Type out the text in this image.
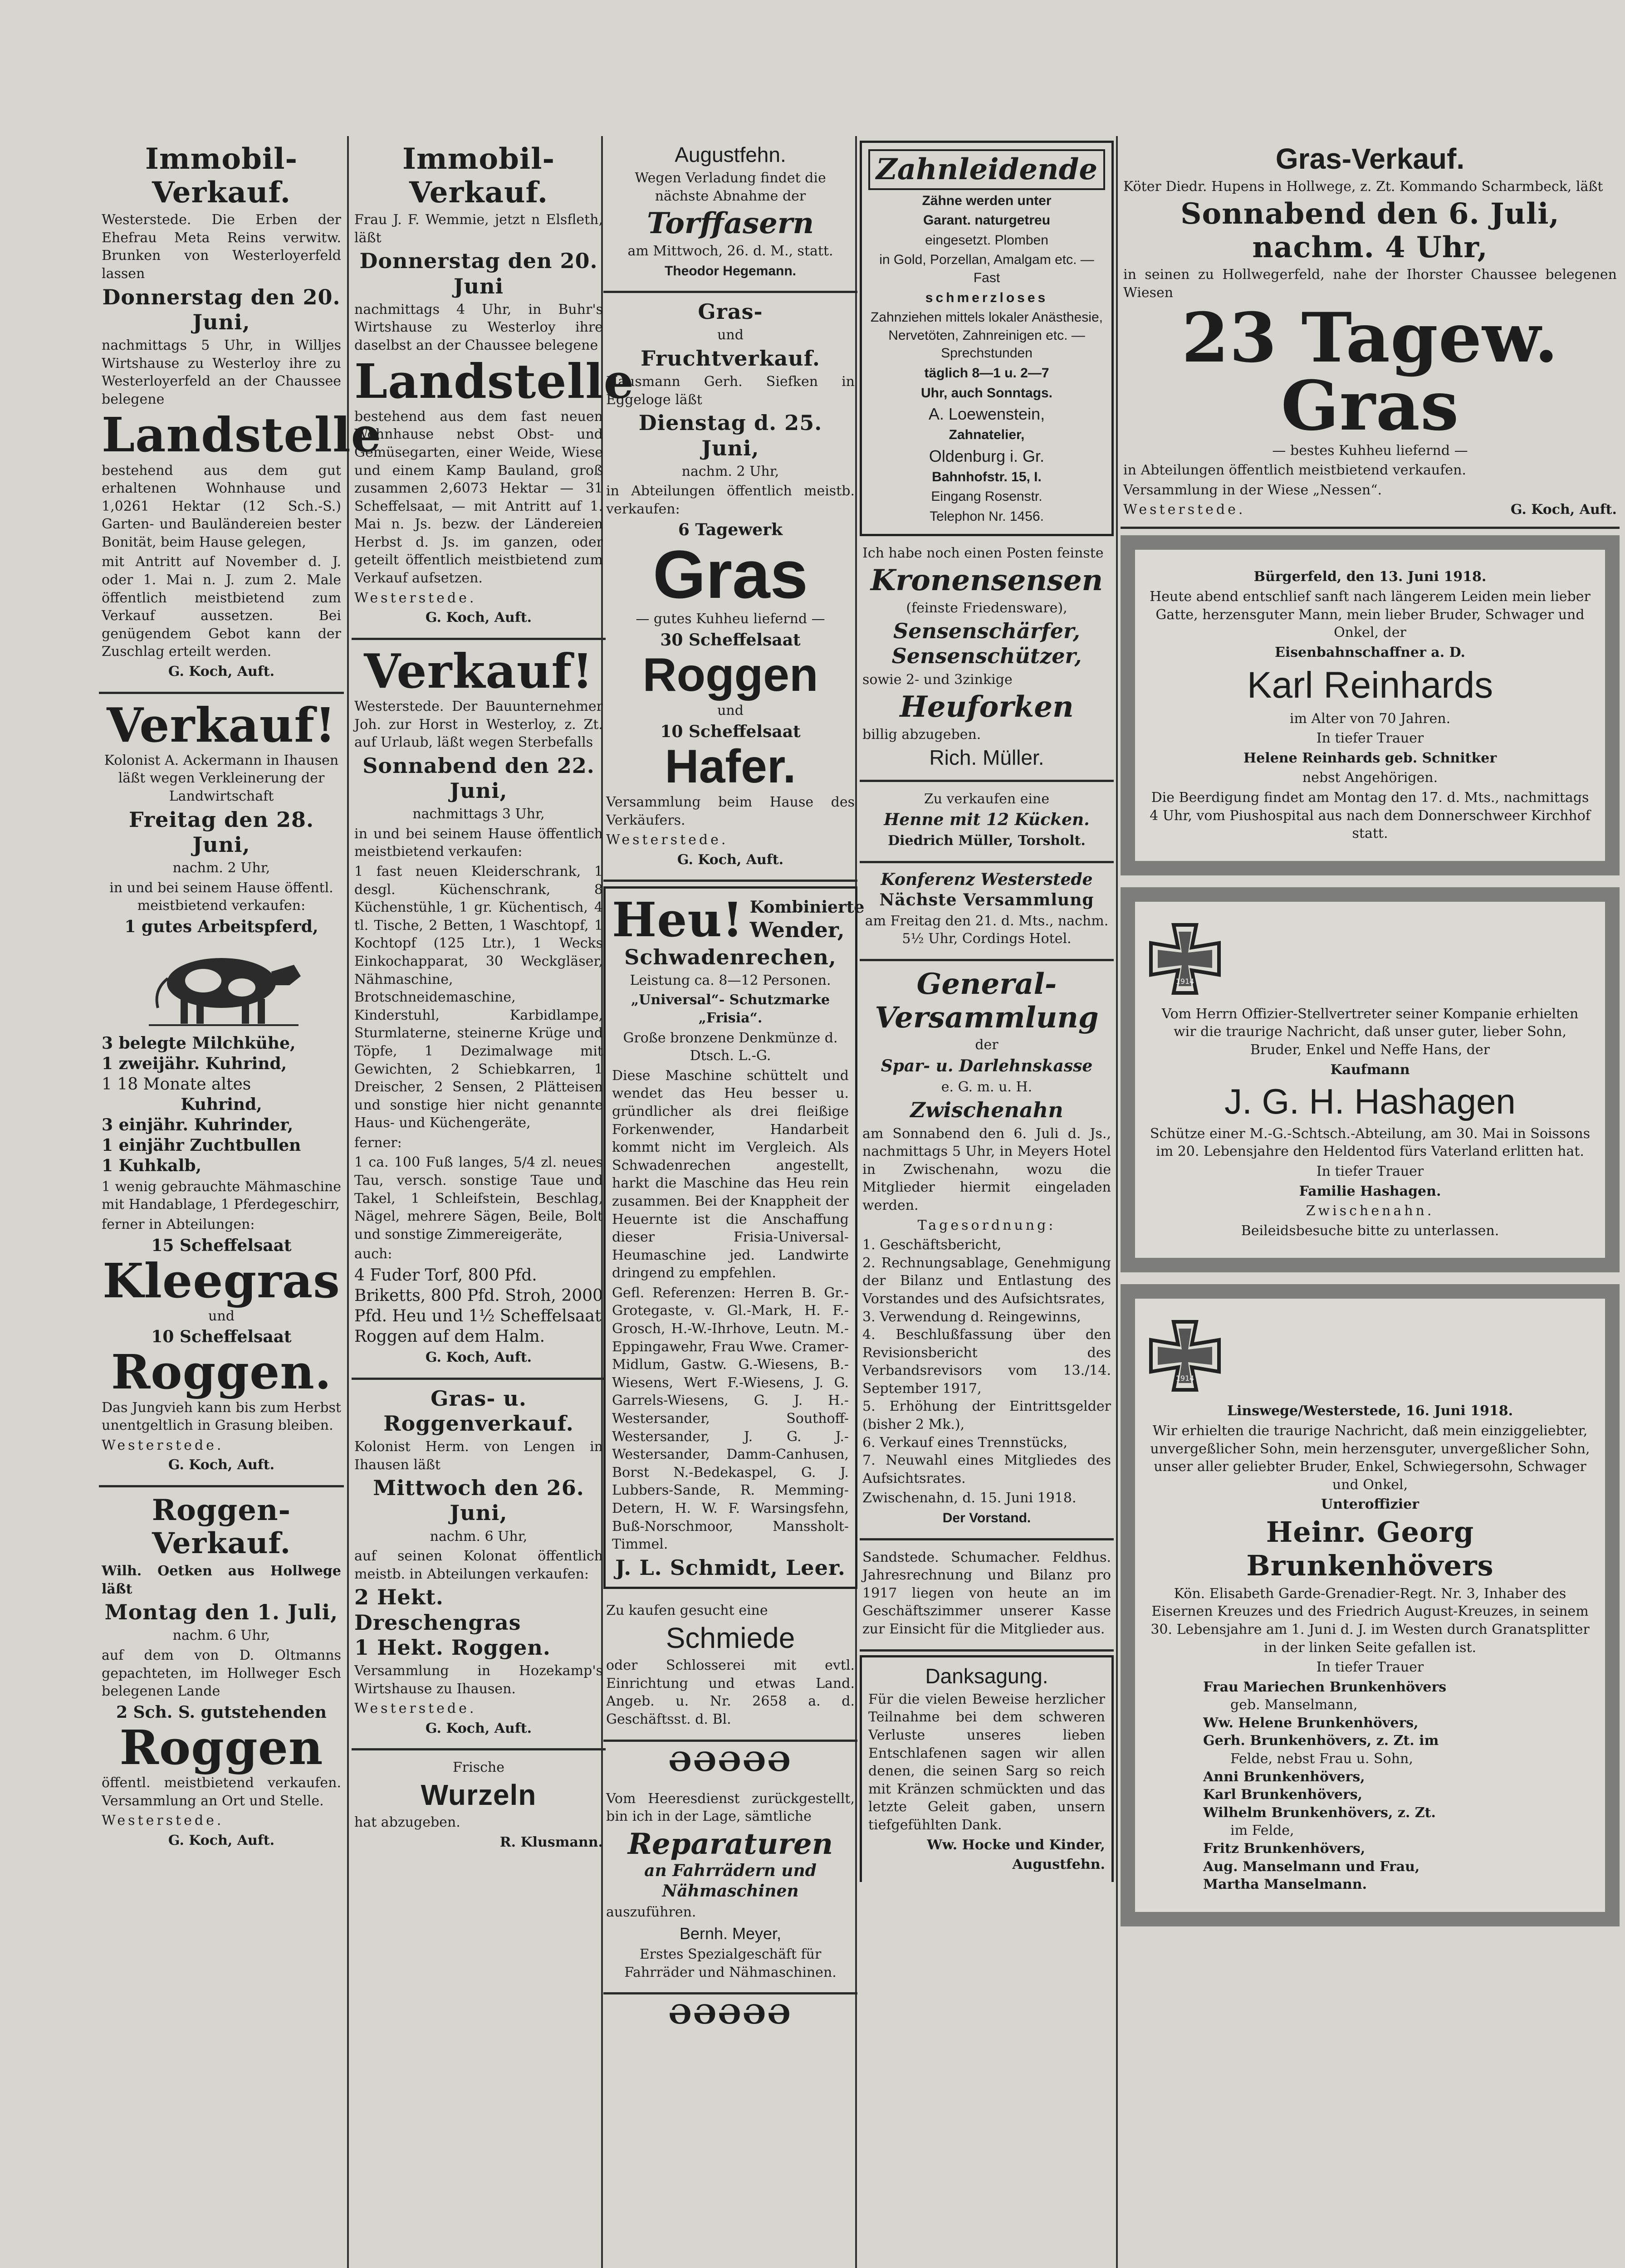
Immobil-Verkauf.

Westerstede. Die Erben der Ehefrau Meta Reins verwitw. Brunken von Westerloyerfeld lassen

Donnerstag den 20. Juni,

nachmittags 5 Uhr, in Willjes Wirtshause zu Westerloy ihre zu Westerloyerfeld an der Chaussee belegene

Landstelle

bestehend aus dem gut erhaltenen Wohnhause und 1,0261 Hektar (12 Sch.-S.) Garten- und Bauländereien bester Bonität, beim Hause gelegen,

mit Antritt auf November d. J. oder 1. Mai n. J. zum 2. Male öffentlich meistbietend zum Verkauf aussetzen. Bei genügendem Gebot kann der Zuschlag erteilt werden.

G. Koch, Auft.

Verkauf!

Kolonist A. Ackermann in Ihausen läßt wegen Verkleinerung der Landwirtschaft

Freitag den 28. Juni,

nachm. 2 Uhr,

in und bei seinem Hause öffentl. meistbietend verkaufen:

1 gutes Arbeitspferd,
3 belegte Milchkühe,
1 zweijähr. Kuhrind,
1 18 Monate altes
Kuhrind,
3 einjähr. Kuhrinder,
1 einjähr Zuchtbullen
1 Kuhkalb,

1 wenig gebrauchte Mähmaschine mit Handablage, 1 Pferdegeschirr,

ferner in Abteilungen:

15 Scheffelsaat
Kleegras

und

10 Scheffelsaat
Roggen.

Das Jungvieh kann bis zum Herbst unentgeltlich in Grasung bleiben.

Westerstede.

G. Koch, Auft.

Roggen-Verkauf.

Wilh. Oetken aus Hollwege läßt

Montag den 1. Juli,

nachm. 6 Uhr,

auf dem von D. Oltmanns gepachteten, im Hollweger Esch belegenen Lande

2 Sch. S. gutstehenden
Roggen

öffentl. meistbietend verkaufen. Versammlung an Ort und Stelle.

Westerstede.

G. Koch, Auft.

Immobil-Verkauf.

Frau J. F. Wemmie, jetzt n Elsfleth, läßt

Donnerstag den 20. Juni

nachmittags 4 Uhr, in Buhr's Wirtshause zu Westerloy ihre daselbst an der Chaussee belegene

Landstelle

bestehend aus dem fast neuen Wohnhause nebst Obst- und Gemüsegarten, einer Weide, Wiese und einem Kamp Bauland, groß zusammen 2,6073 Hektar — 31 Scheffelsaat, — mit Antritt auf 1. Mai n. Js. bezw. der Ländereien Herbst d. Js. im ganzen, oder geteilt öffentlich meistbietend zum Verkauf aufsetzen.

Westerstede.

G. Koch, Auft.

Verkauf!

Westerstede. Der Bauunternehmer Joh. zur Horst in Westerloy, z. Zt. auf Urlaub, läßt wegen Sterbefalls

Sonnabend den 22. Juni,

nachmittags 3 Uhr,

in und bei seinem Hause öffentlich meistbietend verkaufen:

1 fast neuen Kleiderschrank, 1 desgl. Küchenschrank, 8 Küchenstühle, 1 gr. Küchentisch, 4 tl. Tische, 2 Betten, 1 Waschtopf, 1 Kochtopf (125 Ltr.), 1 Wecks Einkochapparat, 30 Weckgläser, Nähmaschine, Brotschneidemaschine, Kinderstuhl, Karbidlampe, Sturmlaterne, steinerne Krüge und Töpfe, 1 Dezimalwage mit Gewichten, 2 Schiebkarren, 1 Dreischer, 2 Sensen, 2 Plätteisen und sonstige hier nicht genannte Haus- und Küchengeräte,

ferner:

1 ca. 100 Fuß langes, 5/4 zl. neues Tau, versch. sonstige Taue und Takel, 1 Schleifstein, Beschlag, Nägel, mehrere Sägen, Beile, Bolt und sonstige Zimmereigeräte,

auch:

4 Fuder Torf, 800 Pfd. Briketts, 800 Pfd. Stroh, 2000 Pfd. Heu und 1½ Scheffelsaat Roggen auf dem Halm.

G. Koch, Auft.

Gras- u.
Roggenverkauf.

Kolonist Herm. von Lengen in Ihausen läßt

Mittwoch den 26. Juni,

nachm. 6 Uhr,

auf seinen Kolonat öffentlich meistb. in Abteilungen verkaufen:

2 Hekt. Dreschengras
1 Hekt. Roggen.

Versammlung in Hozekamp's Wirtshause zu Ihausen.

Westerstede.

G. Koch, Auft.

Frische

Wurzeln

hat abzugeben.

R. Klusmann.

Augustfehn.

Wegen Verladung findet die nächste Abnahme der

Torffasern

am Mittwoch, 26. d. M., statt.

Theodor Hegemann.

Gras-

und

Fruchtverkauf.

Hausmann Gerh. Siefken in Eggeloge läßt

Dienstag d. 25. Juni,

nachm. 2 Uhr,

in Abteilungen öffentlich meistb. verkaufen:

6 Tagewerk
Gras

— gutes Kuhheu liefernd —

30 Scheffelsaat
Roggen

und

10 Scheffelsaat
Hafer.

Versammlung beim Hause des Verkäufers.

Westerstede.

G. Koch, Auft.

Heu! Kombinierte
Wender,
Schwadenrechen,

Leistung ca. 8—12 Personen.

„Universal“- Schutzmarke „Frisia“.

Große bronzene Denkmünze d. Dtsch. L.-G.

Diese Maschine schüttelt und wendet das Heu besser u. gründlicher als drei fleißige Forkenwender, Handarbeit kommt nicht im Vergleich. Als Schwadenrechen angestellt, harkt die Maschine das Heu rein zusammen. Bei der Knappheit der Heuernte ist die Anschaffung dieser Frisia-Universal-Heumaschine jed. Landwirte dringend zu empfehlen.

Gefl. Referenzen: Herren B. Gr.-Grotegaste, v. Gl.-Mark, H. F.-Grosch, H.-W.-Ihrhove, Leutn. M.-Eppingawehr, Frau Wwe. Cramer-Midlum, Gastw. G.-Wiesens, B.-Wiesens, Wert F.-Wiesens, J. G. Garrels-Wiesens, G. J. H.-Westersander, Southoff-Westersander, J. G. J.-Westersander, Damm-Canhusen, Borst N.-Bedekaspel, G. J. Lubbers-Sande, R. Memming-Detern, H. W. F. Warsingsfehn, Buß-Norschmoor, Manssholt-Timmel.

J. L. Schmidt, Leer.

Zu kaufen gesucht eine

Schmiede

oder Schlosserei mit evtl. Einrichtung und etwas Land. Angeb. u. Nr. 2658 a. d. Geschäftsst. d. Bl.

ƏƏƏƏƏ

Vom Heeresdienst zurückgestellt, bin ich in der Lage, sämtliche

Reparaturen
an Fahrrädern und Nähmaschinen

auszuführen.

Bernh. Meyer,

Erstes Spezialgeschäft für Fahrräder und Nähmaschinen.

ƏƏƏƏƏ
Zahnleidende

Zähne werden unter

Garant. naturgetreu

eingesetzt. Plomben

in Gold, Porzellan, Amalgam etc. — Fast

schmerzloses

Zahnziehen mittels lokaler Anästhesie, Nervetöten, Zahnreinigen etc. — Sprechstunden

täglich 8—1 u. 2—7

Uhr, auch Sonntags.

A. Loewenstein,

Zahnatelier,

Oldenburg i. Gr.

Bahnhofstr. 15, I.

Eingang Rosenstr.

Telephon Nr. 1456.

Ich habe noch einen Posten feinste

Kronensensen

(feinste Friedensware),

Sensenschärfer,
Sensenschützer,

sowie 2- und 3zinkige

Heuforken

billig abzugeben.

Rich. Müller.

Zu verkaufen eine

Henne mit 12 Kücken.

Diedrich Müller, Torsholt.

Konferenz Westerstede
Nächste Versammlung

am Freitag den 21. d. Mts., nachm. 5½ Uhr, Cordings Hotel.

General-
Versammlung

der

Spar- u. Darlehnskasse

e. G. m. u. H.

Zwischenahn

am Sonnabend den 6. Juli d. Js., nachmittags 5 Uhr, in Meyers Hotel in Zwischenahn, wozu die Mitglieder hiermit eingeladen werden.

Tagesordnung:

1. Geschäftsbericht,
2. Rechnungsablage, Genehmigung der Bilanz und Entlastung des Vorstandes und des Aufsichtsrates,
3. Verwendung d. Reingewinns,
4. Beschlußfassung über den Revisionsbericht des Verbandsrevisors vom 13./14. September 1917,
5. Erhöhung der Eintrittsgelder (bisher 2 Mk.),
6. Verkauf eines Trennstücks,
7. Neuwahl eines Mitgliedes des Aufsichtsrates.

Zwischenahn, d. 15. Juni 1918.

Der Vorstand.

Sandstede. Schumacher. Feldhus. Jahresrechnung und Bilanz pro 1917 liegen von heute an im Geschäftszimmer unserer Kasse zur Einsicht für die Mitglieder aus.

Danksagung.

Für die vielen Beweise herzlicher Teilnahme bei dem schweren Verluste unseres lieben Entschlafenen sagen wir allen denen, die seinen Sarg so reich mit Kränzen schmückten und das letzte Geleit gaben, unsern tiefgefühlten Dank.

Ww. Hocke und Kinder,

Augustfehn.

Gras-Verkauf.

Köter Diedr. Hupens in Hollwege, z. Zt. Kommando Scharmbeck, läßt

Sonnabend den 6. Juli, nachm. 4 Uhr,

in seinen zu Hollwegerfeld, nahe der Ihorster Chaussee belegenen Wiesen

23 Tagew. Gras

— bestes Kuhheu liefernd —

in Abteilungen öffentlich meistbietend verkaufen.

Versammlung in der Wiese „Nessen“.

Westerstede.	G. Koch, Auft.

Bürgerfeld, den 13. Juni 1918.

Heute abend entschlief sanft nach längerem Leiden mein lieber Gatte, herzensguter Mann, mein lieber Bruder, Schwager und Onkel, der

Eisenbahnschaffner a. D.

Karl Reinhards

im Alter von 70 Jahren.

In tiefer Trauer

Helene Reinhards geb. Schnitker

nebst Angehörigen.

Die Beerdigung findet am Montag den 17. d. Mts., nachmittags 4 Uhr, vom Piushospital aus nach dem Donnerschweer Kirchhof statt.

1914

Vom Herrn Offizier-Stellvertreter seiner Kompanie erhielten wir die traurige Nachricht, daß unser guter, lieber Sohn, Bruder, Enkel und Neffe Hans, der

Kaufmann

J. G. H. Hashagen

Schütze einer M.-G.-Schtsch.-Abteilung, am 30. Mai in Soissons im 20. Lebensjahre den Heldentod fürs Vaterland erlitten hat.

In tiefer Trauer

Familie Hashagen.

Zwischenahn.

Beileidsbesuche bitte zu unterlassen.

1914

Linswege/Westerstede, 16. Juni 1918.

Wir erhielten die traurige Nachricht, daß mein einziggeliebter, unvergeßlicher Sohn, mein herzensguter, unvergeßlicher Sohn, unser aller geliebter Bruder, Enkel, Schwiegersohn, Schwager und Onkel,

Unteroffizier

Heinr. Georg Brunkenhövers

Kön. Elisabeth Garde-Grenadier-Regt. Nr. 3, Inhaber des Eisernen Kreuzes und des Friedrich August-Kreuzes, in seinem 30. Lebensjahre am 1. Juni d. J. im Westen durch Granatsplitter in der linken Seite gefallen ist.

In tiefer Trauer

Frau Mariechen Brunkenhövers
geb. Manselmann,
Ww. Helene Brunkenhövers,
Gerh. Brunkenhövers, z. Zt. im
Felde, nebst Frau u. Sohn,
Anni Brunkenhövers,
Karl Brunkenhövers,
Wilhelm Brunkenhövers, z. Zt.
im Felde,
Fritz Brunkenhövers,
Aug. Manselmann und Frau,
Martha Manselmann.
